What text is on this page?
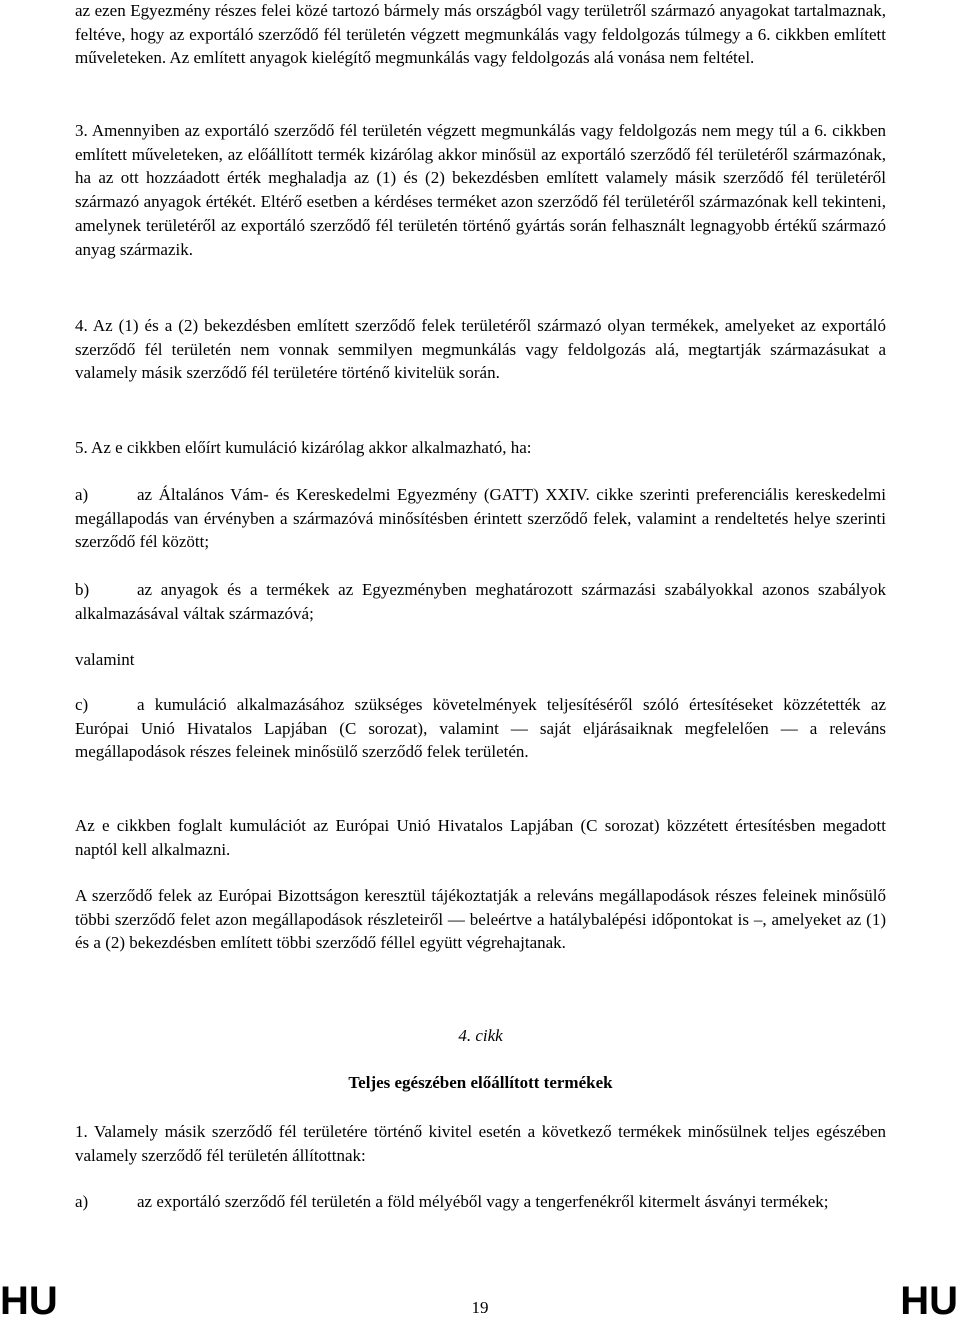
az ezen Egyezmény részes felei közé tartozó bármely más országból vagy területről származó anyagokat tartalmaznak, feltéve, hogy az exportáló szerződő fél területén végzett megmunkálás vagy feldolgozás túlmegy a 6. cikkben említett műveleteken. Az említett anyagok kielégítő megmunkálás vagy feldolgozás alá vonása nem feltétel.

3. Amennyiben az exportáló szerződő fél területén végzett megmunkálás vagy feldolgozás nem megy túl a 6. cikkben említett műveleteken, az előállított termék kizárólag akkor minősül az exportáló szerződő fél területéről származónak, ha az ott hozzáadott érték meghaladja az (1) és (2) bekezdésben említett valamely másik szerződő fél területéről származó anyagok értékét. Eltérő esetben a kérdéses terméket azon szerződő fél területéről származónak kell tekinteni, amelynek területéről az exportáló szerződő fél területén történő gyártás során felhasznált legnagyobb értékű származó anyag származik.

4. Az (1) és a (2) bekezdésben említett szerződő felek területéről származó olyan termékek, amelyeket az exportáló szerződő fél területén nem vonnak semmilyen megmunkálás vagy feldolgozás alá, megtartják származásukat a valamely másik szerződő fél területére történő kivitelük során.

5. Az e cikkben előírt kumuláció kizárólag akkor alkalmazható, ha:

a)	az Általános Vám- és Kereskedelmi Egyezmény (GATT) XXIV. cikke szerinti preferenciális kereskedelmi megállapodás van érvényben a származóvá minősítésben érintett szerződő felek, valamint a rendeltetés helye szerinti szerződő fél között;

b)	az anyagok és a termékek az Egyezményben meghatározott származási szabályokkal azonos szabályok alkalmazásával váltak származóvá;

valamint

c)	a kumuláció alkalmazásához szükséges követelmények teljesítéséről szóló értesítéseket közzétették az Európai Unió Hivatalos Lapjában (C sorozat), valamint — saját eljárásaiknak megfelelően — a releváns megállapodások részes feleinek minősülő szerződő felek területén.

Az e cikkben foglalt kumulációt az Európai Unió Hivatalos Lapjában (C sorozat) közzétett értesítésben megadott naptól kell alkalmazni.

A szerződő felek az Európai Bizottságon keresztül tájékoztatják a releváns megállapodások részes feleinek minősülő többi szerződő felet azon megállapodások részleteiről — beleértve a hatálybalépési időpontokat is –, amelyeket az (1) és a (2) bekezdésben említett többi szerződő féllel együtt végrehajtanak.

4. cikk

Teljes egészében előállított termékek

1. Valamely másik szerződő fél területére történő kivitel esetén a következő termékek minősülnek teljes egészében valamely szerződő fél területén állítottnak:

a)	az exportáló szerződő fél területén a föld mélyéből vagy a tengerfenékről kitermelt ásványi termékek;

HU	19	HU
